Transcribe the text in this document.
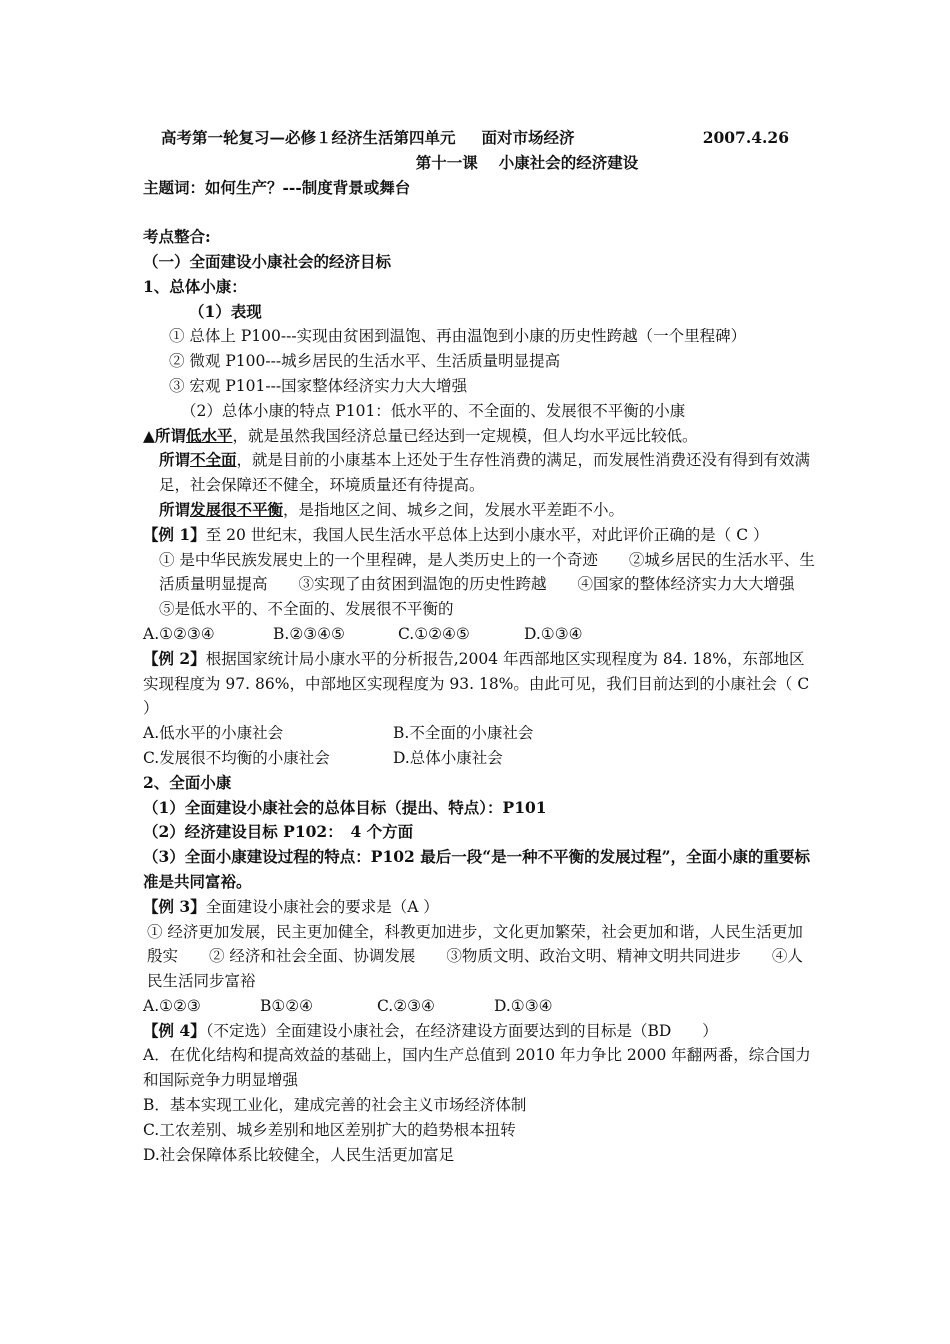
高考第一轮复习—必修１经济生活第四单元 面对市场经济	2007.4.26
第十一课　 小康社会的经济建设
主题词：如何生产？---制度背景或舞台
考点整合:
（一）全面建设小康社会的经济目标
1、总体小康：
（1）表现
① 总体上 P100---实现由贫困到温饱、再由温饱到小康的历史性跨越（一个里程碑）
② 微观 P100---城乡居民的生活水平、生活质量明显提高
③ 宏观 P101---国家整体经济实力大大增强
（2）总体小康的特点 P101：低水平的、不全面的、发展很不平衡的小康
▲所谓低水平，就是虽然我国经济总量已经达到一定规模，但人均水平远比较低。
所谓不全面，就是目前的小康基本上还处于生存性消费的满足，而发展性消费还没有得到有效满足，社会保障还不健全，环境质量还有待提高。
所谓发展很不平衡，是指地区之间、城乡之间，发展水平差距不小。
【例 1】至 20 世纪末，我国人民生活水平总体上达到小康水平，对此评价正确的是（ C ）
① 是中华民族发展史上的一个里程碑，是人类历史上的一个奇迹　　②城乡居民的生活水平、生活质量明显提高　　③实现了由贫困到温饱的历史性跨越　　④国家的整体经济实力大大增强　　⑤是低水平的、不全面的、发展很不平衡的
A.①②③④	B.②③④⑤	C.①②④⑤	D.①③④
【例 2】根据国家统计局小康水平的分析报告,2004 年西部地区实现程度为 84. 18%，东部地区实现程度为 97. 86%，中部地区实现程度为 93. 18%。由此可见，我们目前达到的小康社会（ C ）
A.低水平的小康社会	B.不全面的小康社会
C.发展很不均衡的小康社会	D.总体小康社会
2、全面小康
（1）全面建设小康社会的总体目标（提出、特点）：P101
（2）经济建设目标 P102：　4 个方面
（3）全面小康建设过程的特点：P102 最后一段“是一种不平衡的发展过程”，全面小康的重要标准是共同富裕。
【例 3】全面建设小康社会的要求是（A ）
① 经济更加发展，民主更加健全，科教更加进步，文化更加繁荣，社会更加和谐，人民生活更加殷实　　② 经济和社会全面、协调发展　　③物质文明、政治文明、精神文明共同进步　　④人民生活同步富裕
A.①②③	B①②④	C.②③④	D.①③④
【例 4】（不定选）全面建设小康社会，在经济建设方面要达到的目标是（BD　　）
A．在优化结构和提高效益的基础上，国内生产总值到 2010 年力争比 2000 年翻两番，综合国力和国际竞争力明显增强
B．基本实现工业化，建成完善的社会主义市场经济体制
C.工农差别、城乡差别和地区差别扩大的趋势根本扭转
D.社会保障体系比较健全，人民生活更加富足
